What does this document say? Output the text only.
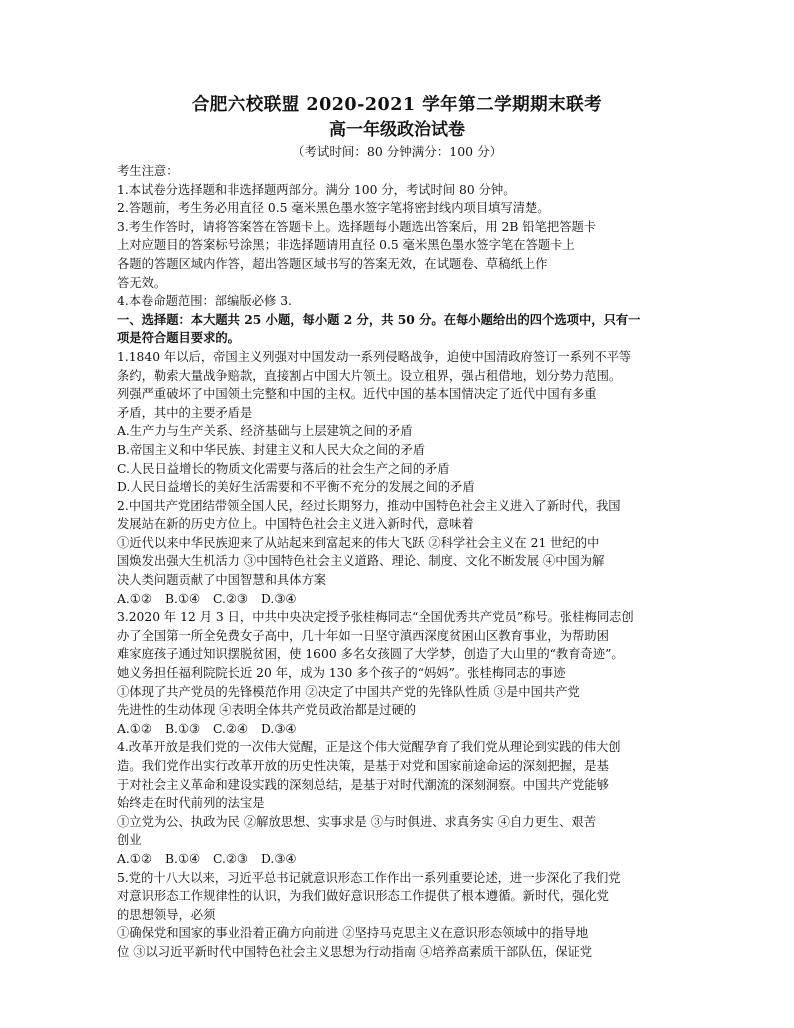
合肥六校联盟 2020-2021 学年第二学期期末联考
高一年级政治试卷
（考试时间：80 分钟满分：100 分）

考生注意：

1.本试卷分选择题和非选择题两部分。满分 100 分，考试时间 80 分钟。

2.答题前，考生务必用直径 0.5 毫米黑色墨水签字笔将密封线内项目填写清楚。

3.考生作答时，请将答案答在答题卡上。选择题每小题选出答案后，用 2B 铅笔把答题卡

上对应题目的答案标号涂黑；非选择题请用直径 0.5 毫米黑色墨水签字笔在答题卡上

各题的答题区域内作答，超出答题区域书写的答案无效，在试题卷、草稿纸上作

答无效。

4.本卷命题范围：部编版必修 3.

一、选择题：本大题共 25 小题，每小题 2 分，共 50 分。在每小题给出的四个选项中，只有一

项是符合题目要求的。

1.1840 年以后，帝国主义列强对中国发动一系列侵略战争，迫使中国清政府签订一系列不平等

条约，勒索大量战争赔款，直接割占中国大片领土。设立租界，强占租借地，划分势力范围。

列强严重破坏了中国领土完整和中国的主权。近代中国的基本国情决定了近代中国有多重

矛盾，其中的主要矛盾是

A.生产力与生产关系、经济基础与上层建筑之间的矛盾

B.帝国主义和中华民族、封建主义和人民大众之间的矛盾

C.人民日益增长的物质文化需要与落后的社会生产之间的矛盾

D.人民日益增长的美好生活需要和不平衡不充分的发展之间的矛盾

2.中国共产党团结带领全国人民，经过长期努力，推动中国特色社会主义进入了新时代，我国

发展站在新的历史方位上。中国特色社会主义进入新时代，意味着

①近代以来中华民族迎来了从站起来到富起来的伟大飞跃 ②科学社会主义在 21 世纪的中

国焕发出强大生机活力 ③中国特色社会主义道路、理论、制度、文化不断发展 ④中国为解

决人类问题贡献了中国智慧和具体方案

A.①② B.①④ C.②③ D.③④

3.2020 年 12 月 3 日，中共中央决定授予张桂梅同志“全国优秀共产党员”称号。张桂梅同志创

办了全国第一所全免费女子高中，几十年如一日坚守滇西深度贫困山区教育事业，为帮助困

难家庭孩子通过知识摆脱贫困，使 1600 多名女孩圆了大学梦，创造了大山里的“教育奇迹”。

她义务担任福利院院长近 20 年，成为 130 多个孩子的“妈妈”。张桂梅同志的事迹

①体现了共产党员的先锋模范作用 ②决定了中国共产党的先锋队性质 ③是中国共产党

先进性的生动体现 ④表明全体共产党员政治都是过硬的

A.①② B.①③ C.②④ D.③④

4.改革开放是我们党的一次伟大觉醒，正是这个伟大觉醒孕育了我们党从理论到实践的伟大创

造。我们党作出实行改革开放的历史性决策，是基于对党和国家前途命运的深刻把握，是基

于对社会主义革命和建设实践的深刻总结，是基于对时代潮流的深刻洞察。中国共产党能够

始终走在时代前列的法宝是

①立党为公、执政为民 ②解放思想、实事求是 ③与时俱进、求真务实 ④自力更生、艰苦

创业

A.①② B.①④ C.②③ D.③④

5.党的十八大以来，习近平总书记就意识形态工作作出一系列重要论述，进一步深化了我们党

对意识形态工作规律性的认识，为我们做好意识形态工作提供了根本遵循。新时代，强化党

的思想领导，必须

①确保党和国家的事业沿着正确方向前进 ②坚持马克思主义在意识形态领域中的指导地

位 ③以习近平新时代中国特色社会主义思想为行动指南 ④培养高素质干部队伍，保证党
